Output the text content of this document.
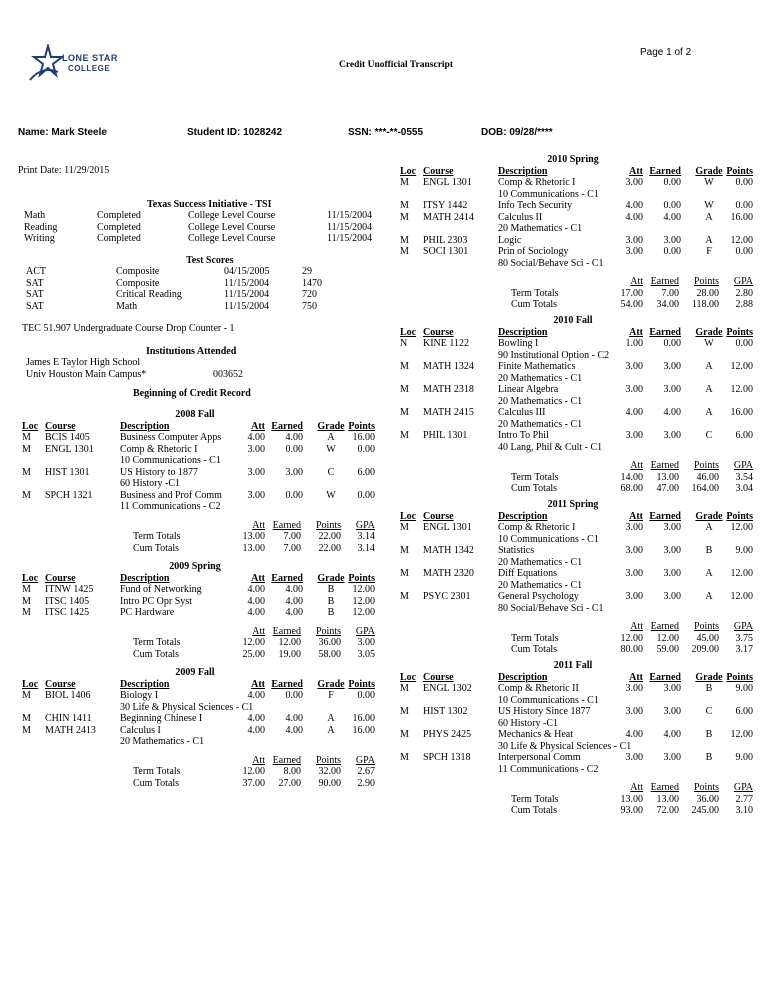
LONE STAR
COLLEGE
Page 1 of 2
Credit Unofficial Transcript
Name: Mark Steele	Student ID: 1028242	SSN: ***-**-0555	DOB: 09/28/****
Print Date: 11/29/2015
Texas Success Initiative - TSI
Math	Completed	College Level Course	11/15/2004
Reading	Completed	College Level Course	11/15/2004
Writing	Completed	College Level Course	11/15/2004
Test Scores
ACT	Composite	04/15/2005	29
SAT	Composite	11/15/2004	1470
SAT	Critical Reading	11/15/2004	720
SAT	Math	11/15/2004	750
TEC 51.907 Undergraduate Course Drop Counter - 1
Institutions Attended
James E Taylor High School
Univ Houston Main Campus*	003652
Beginning of Credit Record
2008 Fall
Loc Course	Description	Att Earned	Grade Points
M BCIS 1405	Business Computer Apps	4.00	4.00	A	16.00
M ENGL 1301	Comp & Rhetoric I	3.00	0.00	W	0.00
10 Communications - C1
M HIST 1301	US History to 1877	3.00	3.00	C	6.00
60 History -C1
M SPCH 1321	Business and Prof Comm	3.00	0.00	W	0.00
11 Communications - C2
Att Earned	Points	GPA
Term Totals	13.00	7.00	22.00	3.14
Cum Totals	13.00	7.00	22.00	3.14
2009 Spring
Loc Course	Description	Att Earned	Grade Points
M ITNW 1425	Fund of Networking	4.00	4.00	B	12.00
M ITSC 1405	Intro PC Opr Syst	4.00	4.00	B	12.00
M ITSC 1425	PC Hardware	4.00	4.00	B	12.00
Att Earned	Points	GPA
Term Totals	12.00	12.00	36.00	3.00
Cum Totals	25.00	19.00	58.00	3.05
2009 Fall
Loc Course	Description	Att Earned	Grade Points
M BIOL 1406	Biology I	4.00	0.00	F	0.00
30 Life & Physical Sciences - C1
M CHIN 1411	Beginning Chinese I	4.00	4.00	A	16.00
M MATH 2413 Calculus I	4.00	4.00	A	16.00
20 Mathematics - C1
Att Earned	Points	GPA
Term Totals	12.00	8.00	32.00	2.67
Cum Totals	37.00	27.00	90.00	2.90
2010 Spring
Loc Course	Description	Att Earned	Grade Points
M ENGL 1301	Comp & Rhetoric I	3.00	0.00	W	0.00
10 Communications - C1
M ITSY 1442	Info Tech Security	4.00	0.00	W	0.00
M MATH 2414 Calculus II	4.00	4.00	A	16.00
20 Mathematics - C1
M PHIL 2303	Logic	3.00	3.00	A	12.00
M SOCI 1301	Prin of Sociology	3.00	0.00	F	0.00
80 Social/Behave Sci - C1
Att Earned	Points	GPA
Term Totals	17.00	7.00	28.00	2.80
Cum Totals	54.00	34.00	118.00	2.88
2010 Fall
Loc Course	Description	Att Earned	Grade Points
N KINE 1122	Bowling I	1.00	0.00	W	0.00
90 Institutional Option - C2
M MATH 1324 Finite Mathematics	3.00	3.00	A	12.00
20 Mathematics - C1
M MATH 2318 Linear Algebra	3.00	3.00	A	12.00
20 Mathematics - C1
M MATH 2415 Calculus III	4.00	4.00	A	16.00
20 Mathematics - C1
M PHIL 1301	Intro To Phil	3.00	3.00	C	6.00
40 Lang, Phil & Cult - C1
Att Earned	Points	GPA
Term Totals	14.00	13.00	46.00	3.54
Cum Totals	68.00	47.00	164.00	3.04
2011 Spring
Loc Course	Description	Att Earned	Grade Points
M ENGL 1301	Comp & Rhetoric I	3.00	3.00	A	12.00
10 Communications - C1
M MATH 1342 Statistics	3.00	3.00	B	9.00
20 Mathematics - C1
M MATH 2320 Diff Equations	3.00	3.00	A	12.00
20 Mathematics - C1
M PSYC 2301	General Psychology	3.00	3.00	A	12.00
80 Social/Behave Sci - C1
Att Earned	Points	GPA
Term Totals	12.00	12.00	45.00	3.75
Cum Totals	80.00	59.00	209.00	3.17
2011 Fall
Loc Course	Description	Att Earned	Grade Points
M ENGL 1302	Comp & Rhetoric II	3.00	3.00	B	9.00
10 Communications - C1
M HIST 1302	US History Since 1877	3.00	3.00	C	6.00
60 History -C1
M PHYS 2425	Mechanics & Heat	4.00	4.00	B	12.00
30 Life & Physical Sciences - C1
M SPCH 1318	Interpersonal Comm	3.00	3.00	B	9.00
11 Communications - C2
Att Earned	Points	GPA
Term Totals	13.00	13.00	36.00	2.77
Cum Totals	93.00	72.00	245.00	3.10
